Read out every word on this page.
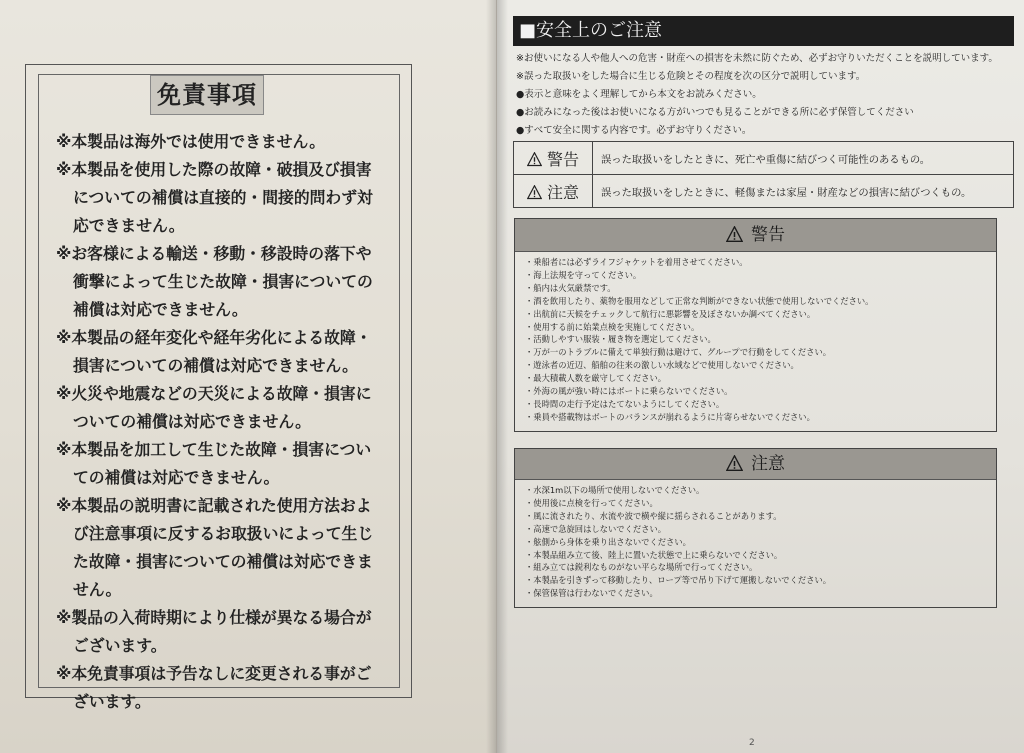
免責事項
※本製品は海外では使用できません。
※本製品を使用した際の故障・破損及び損害についての補償は直接的・間接的問わず対応できません。
※お客様による輸送・移動・移設時の落下や衝撃によって生じた故障・損害についての補償は対応できません。
※本製品の経年変化や経年劣化による故障・損害についての補償は対応できません。
※火災や地震などの天災による故障・損害についての補償は対応できません。
※本製品を加工して生じた故障・損害についての補償は対応できません。
※本製品の説明書に記載された使用方法および注意事項に反するお取扱いによって生じた故障・損害についての補償は対応できません。
※製品の入荷時期により仕様が異なる場合がございます。
※本免責事項は予告なしに変更される事がございます。
■安全上のご注意
※お使いになる人や他人への危害・財産への損害を未然に防ぐため、必ずお守りいただくことを説明しています。
※誤った取扱いをした場合に生じる危険とその程度を次の区分で説明しています。
●表示と意味をよく理解してから本文をお読みください。
●お読みになった後はお使いになる方がいつでも見ることができる所に必ず保管してください
●すべて安全に関する内容です。必ずお守りください。
警告	誤った取扱いをしたときに、死亡や重傷に結びつく可能性のあるもの。
注意	誤った取扱いをしたときに、軽傷または家屋・財産などの損害に結びつくもの。
警告
・乗船者には必ずライフジャケットを着用させてください。
・海上法規を守ってください。
・船内は火気厳禁です。
・酒を飲用したり、薬物を服用などして正常な判断ができない状態で使用しないでください。
・出航前に天候をチェックして航行に悪影響を及ぼさないか調べてください。
・使用する前に始業点検を実施してください。
・活動しやすい服装・履き物を選定してください。
・万が一のトラブルに備えて単独行動は避けて、グループで行動をしてください。
・遊泳者の近辺、船舶の往来の激しい水域などで使用しないでください。
・最大積載人数を厳守してください。
・外海の風が強い時にはボートに乗らないでください。
・長時間の走行予定はたてないようにしてください。
・乗員や搭載物はボートのバランスが崩れるように片寄らせないでください。
注意
・水深1m以下の場所で使用しないでください。
・使用後に点検を行ってください。
・風に流されたり、水流や波で横や縦に揺らされることがあります。
・高速で急旋回はしないでください。
・舷側から身体を乗り出さないでください。
・本製品組み立て後、陸上に置いた状態で上に乗らないでください。
・組み立ては鋭利なものがない平らな場所で行ってください。
・本製品を引きずって移動したり、ロープ等で吊り下げて運搬しないでください。
・保管保管は行わないでください。
2
